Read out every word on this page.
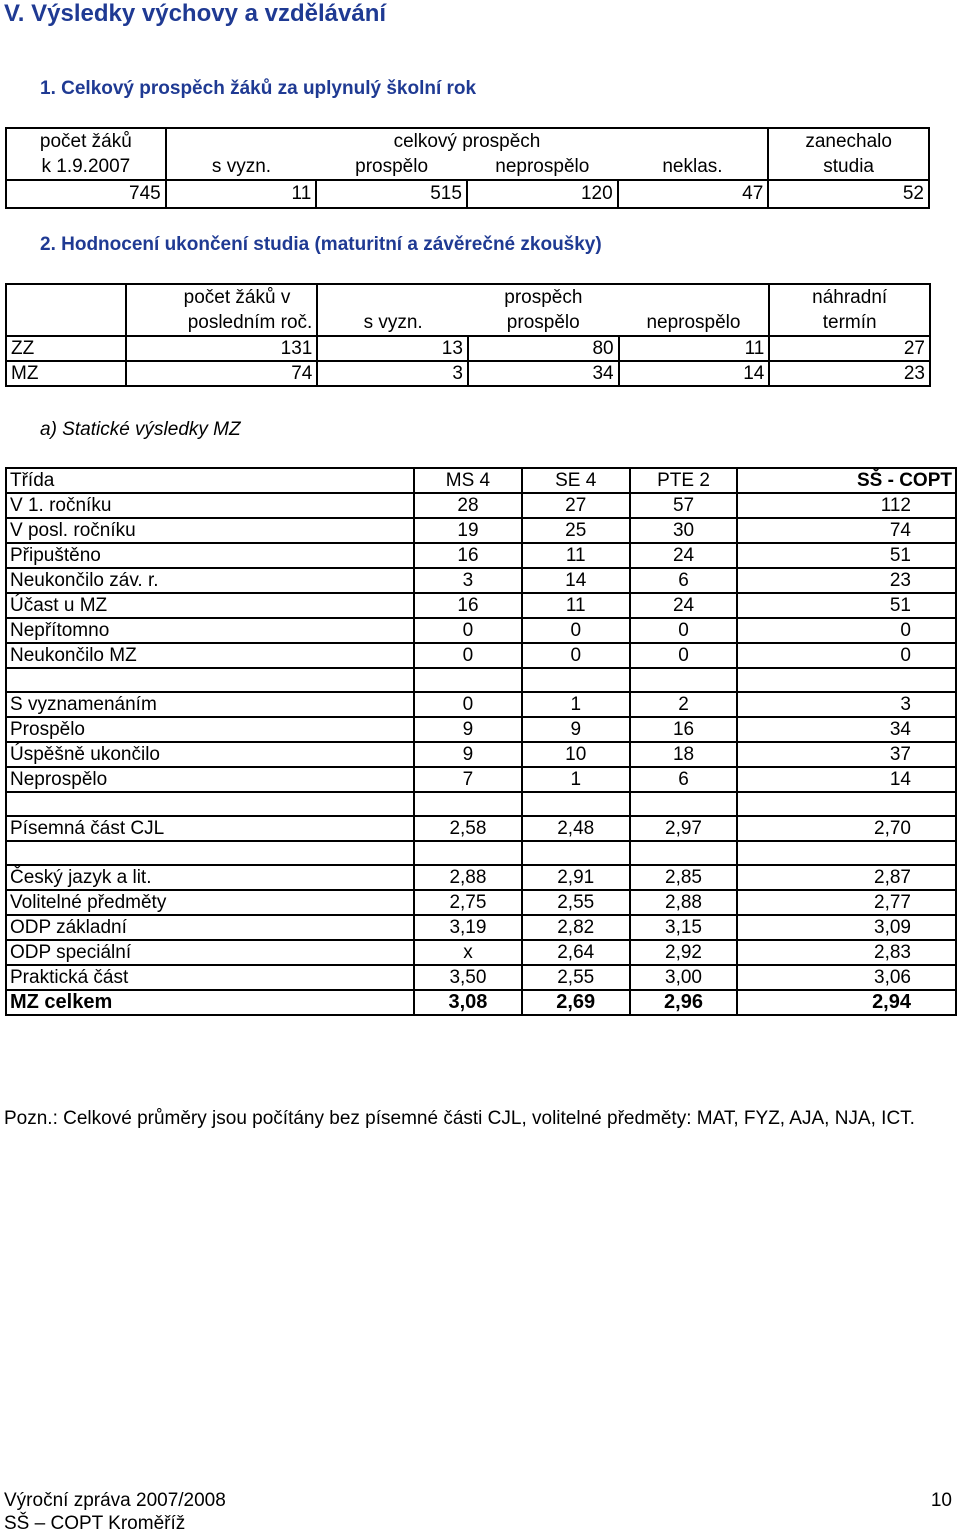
V. Výsledky výchovy a vzdělávání
1. Celkový prospěch žáků za uplynulý školní rok
počet žáků	celkový prospěch				zanechalo
k 1.9.2007	s vyzn.	prospělo	neprospělo	neklas.	studia
745	11	515	120	47	52
2. Hodnocení ukončení studia (maturitní a závěrečné zkoušky)
	počet žáků v	prospěch			náhradní
	posledním roč.	s vyzn.	prospělo	neprospělo	termín
ZZ	131	13	80	11	27
MZ	74	3	34	14	23
a) Statické výsledky MZ
Třída	MS 4	SE 4	PTE 2	SŠ - COPT
V 1. ročníku	28	27	57	112
V posl. ročníku	19	25	30	74
Připuštěno	16	11	24	51
Neukončilo záv. r.	3	14	6	23
Účast u MZ	16	11	24	51
Nepřítomno	0	0	0	0
Neukončilo MZ	0	0	0	0

S vyznamenáním	0	1	2	3
Prospělo	9	9	16	34
Úspěšně ukončilo	9	10	18	37
Neprospělo	7	1	6	14

Písemná část CJL	2,58	2,48	2,97	2,70

Český jazyk a lit.	2,88	2,91	2,85	2,87
Volitelné předměty	2,75	2,55	2,88	2,77
ODP základní	3,19	2,82	3,15	3,09
ODP speciální	x	2,64	2,92	2,83
Praktická část	3,50	2,55	3,00	3,06
MZ celkem	3,08	2,69	2,96	2,94
Pozn.: Celkové průměry jsou počítány bez písemné části CJL, volitelné předměty: MAT, FYZ, AJA, NJA, ICT.
Výroční zpráva 2007/2008
SŠ – COPT Kroměříž
10
